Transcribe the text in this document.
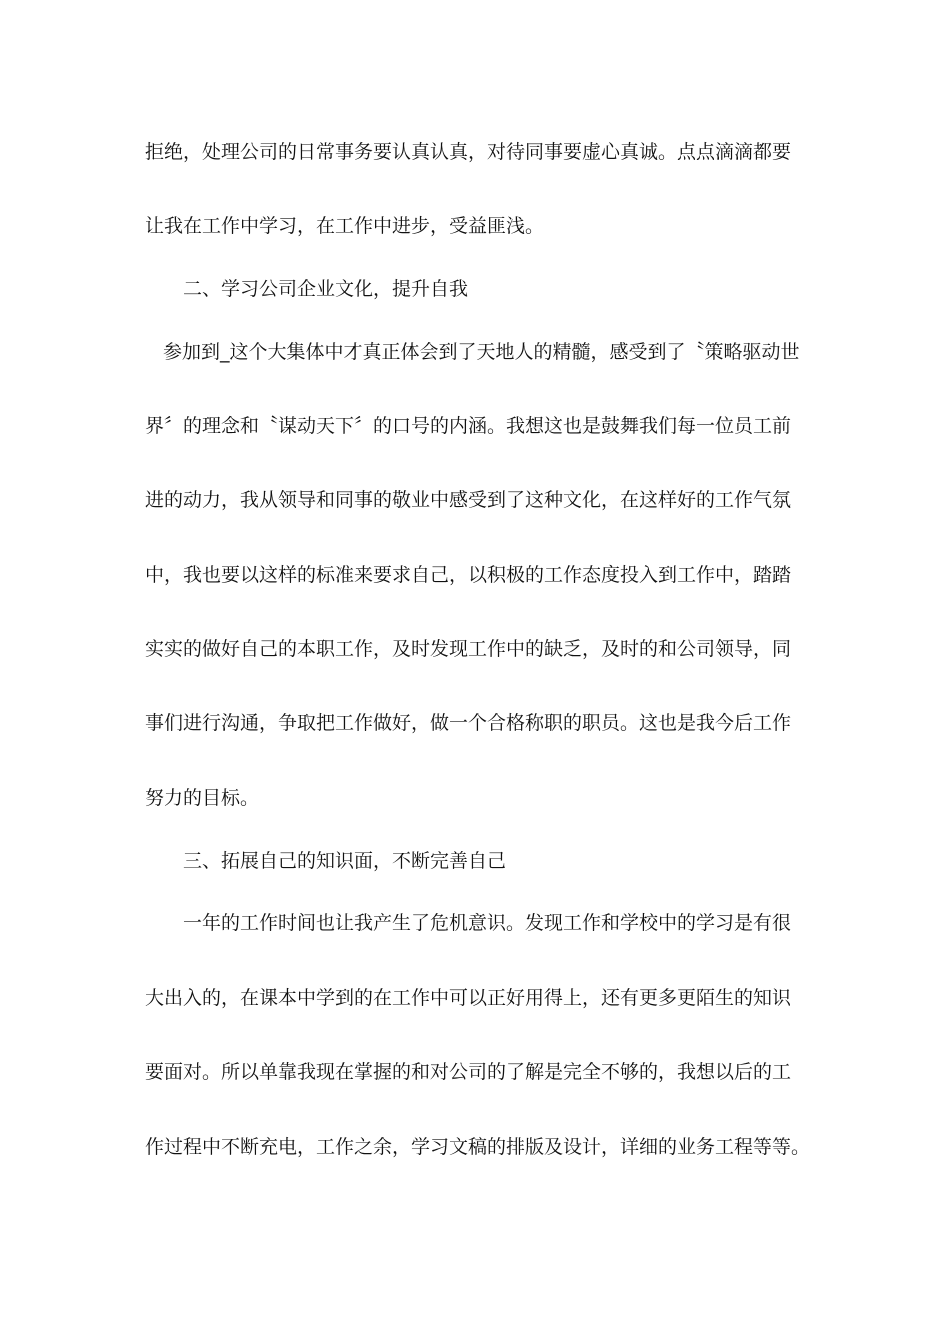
拒绝，处理公司的日常事务要认真认真，对待同事要虚心真诚。点点滴滴都要
让我在工作中学习，在工作中进步，受益匪浅。
二、学习公司企业文化，提升自我
参加到_这个大集体中才真正体会到了天地人的精髓，感受到了〝策略驱动世
界〞的理念和〝谋动天下〞的口号的内涵。我想这也是鼓舞我们每一位员工前
进的动力，我从领导和同事的敬业中感受到了这种文化，在这样好的工作气氛
中，我也要以这样的标准来要求自己，以积极的工作态度投入到工作中，踏踏
实实的做好自己的本职工作，及时发现工作中的缺乏，及时的和公司领导，同
事们进行沟通，争取把工作做好，做一个合格称职的职员。这也是我今后工作
努力的目标。
三、拓展自己的知识面，不断完善自己
一年的工作时间也让我产生了危机意识。发现工作和学校中的学习是有很
大出入的，在课本中学到的在工作中可以正好用得上，还有更多更陌生的知识
要面对。所以单靠我现在掌握的和对公司的了解是完全不够的，我想以后的工
作过程中不断充电，工作之余，学习文稿的排版及设计，详细的业务工程等等。
